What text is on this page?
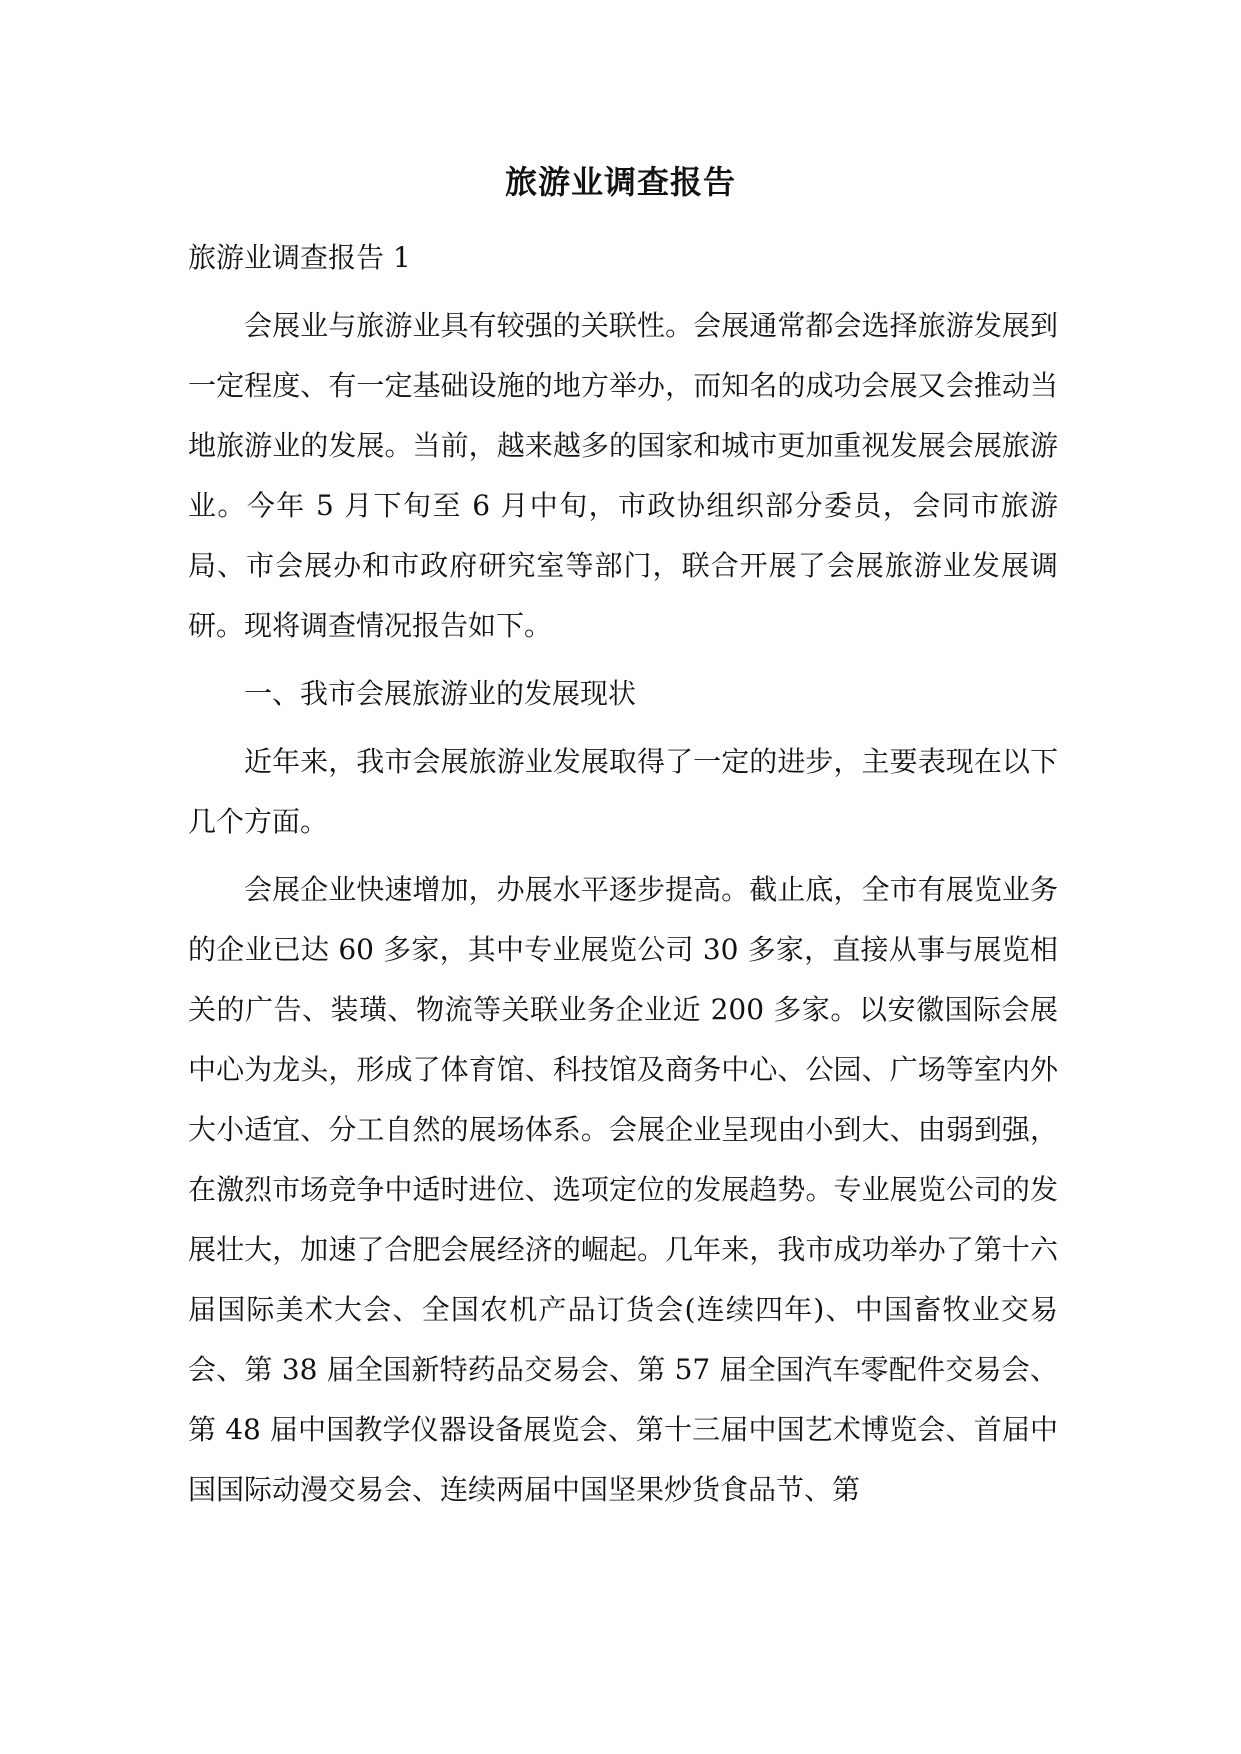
旅游业调查报告

旅游业调查报告 1

会展业与旅游业具有较强的关联性。会展通常都会选择旅游发展到一定程度、有一定基础设施的地方举办，而知名的成功会展又会推动当地旅游业的发展。当前，越来越多的国家和城市更加重视发展会展旅游业。今年 5 月下旬至 6 月中旬，市政协组织部分委员，会同市旅游局、市会展办和市政府研究室等部门，联合开展了会展旅游业发展调研。现将调查情况报告如下。

一、我市会展旅游业的发展现状

近年来，我市会展旅游业发展取得了一定的进步，主要表现在以下几个方面。

会展企业快速增加，办展水平逐步提高。截止底，全市有展览业务的企业已达 60 多家，其中专业展览公司 30 多家，直接从事与展览相关的广告、装璜、物流等关联业务企业近 200 多家。以安徽国际会展中心为龙头，形成了体育馆、科技馆及商务中心、公园、广场等室内外大小适宜、分工自然的展场体系。会展企业呈现由小到大、由弱到强，在激烈市场竞争中适时进位、选项定位的发展趋势。专业展览公司的发展壮大，加速了合肥会展经济的崛起。几年来，我市成功举办了第十六届国际美术大会、全国农机产品订货会(连续四年)、中国畜牧业交易会、第 38 届全国新特药品交易会、第 57 届全国汽车零配件交易会、第 48 届中国教学仪器设备展览会、第十三届中国艺术博览会、首届中国国际动漫交易会、连续两届中国坚果炒货食品节、第
